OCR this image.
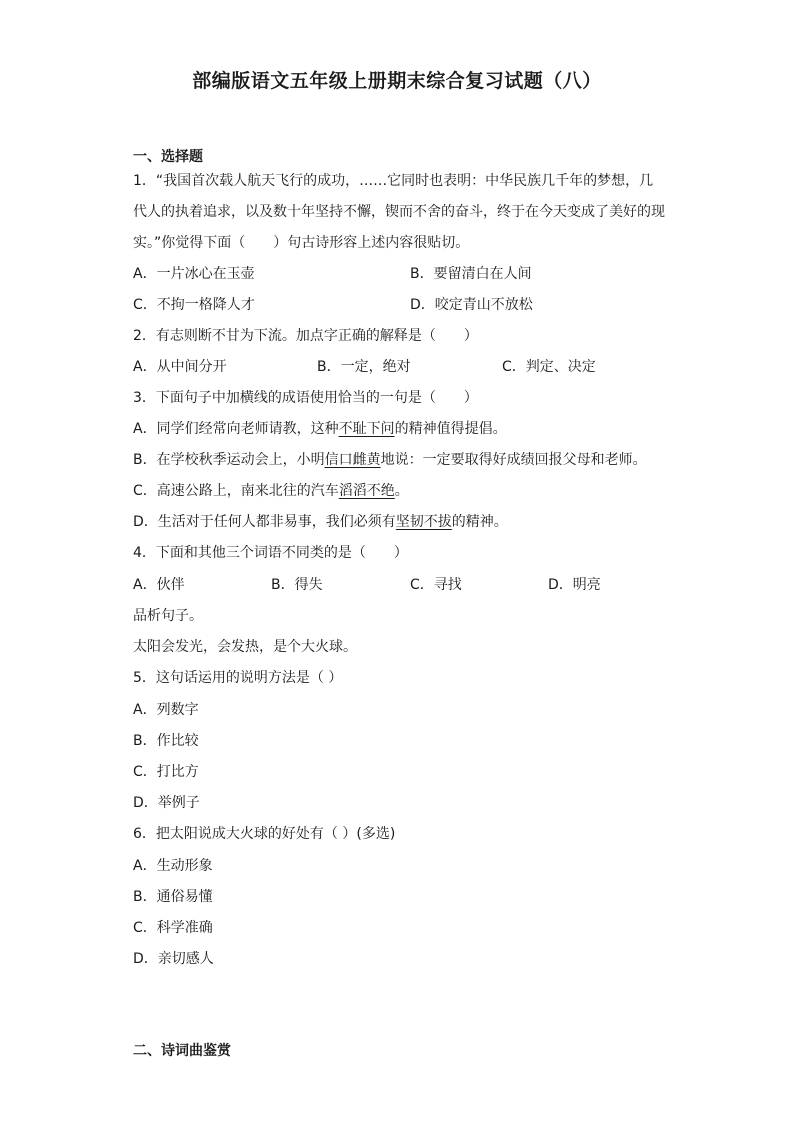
部编版语文五年级上册期末综合复习试题（八）
一、选择题
1．“我国首次载人航天飞行的成功，……它同时也表明：中华民族几千年的梦想，几
代人的执着追求，以及数十年坚持不懈，锲而不舍的奋斗，终于在今天变成了美好的现
实。”你觉得下面（　　）句古诗形容上述内容很贴切。
A．一片冰心在玉壶	B．要留清白在人间
C．不拘一格降人才	D．咬定青山不放松
2．有志则断不甘为下流。加点字正确的解释是（　　）
A．从中间分开	B．一定，绝对	C．判定、决定
3．下面句子中加横线的成语使用恰当的一句是（　　）
A．同学们经常向老师请教，这种不耻下问的精神值得提倡。
B．在学校秋季运动会上，小明信口雌黄地说：一定要取得好成绩回报父母和老师。
C．高速公路上，南来北往的汽车滔滔不绝。
D．生活对于任何人都非易事，我们必须有坚韧不拔的精神。
4．下面和其他三个词语不同类的是（　　）
A．伙伴	B．得失	C．寻找	D．明亮
品析句子。
太阳会发光，会发热，是个大火球。
5．这句话运用的说明方法是（ ）
A．列数字
B．作比较
C．打比方
D．举例子
6．把太阳说成大火球的好处有（ ）(多选)
A．生动形象
B．通俗易懂
C．科学准确
D．亲切感人
二、诗词曲鉴赏
